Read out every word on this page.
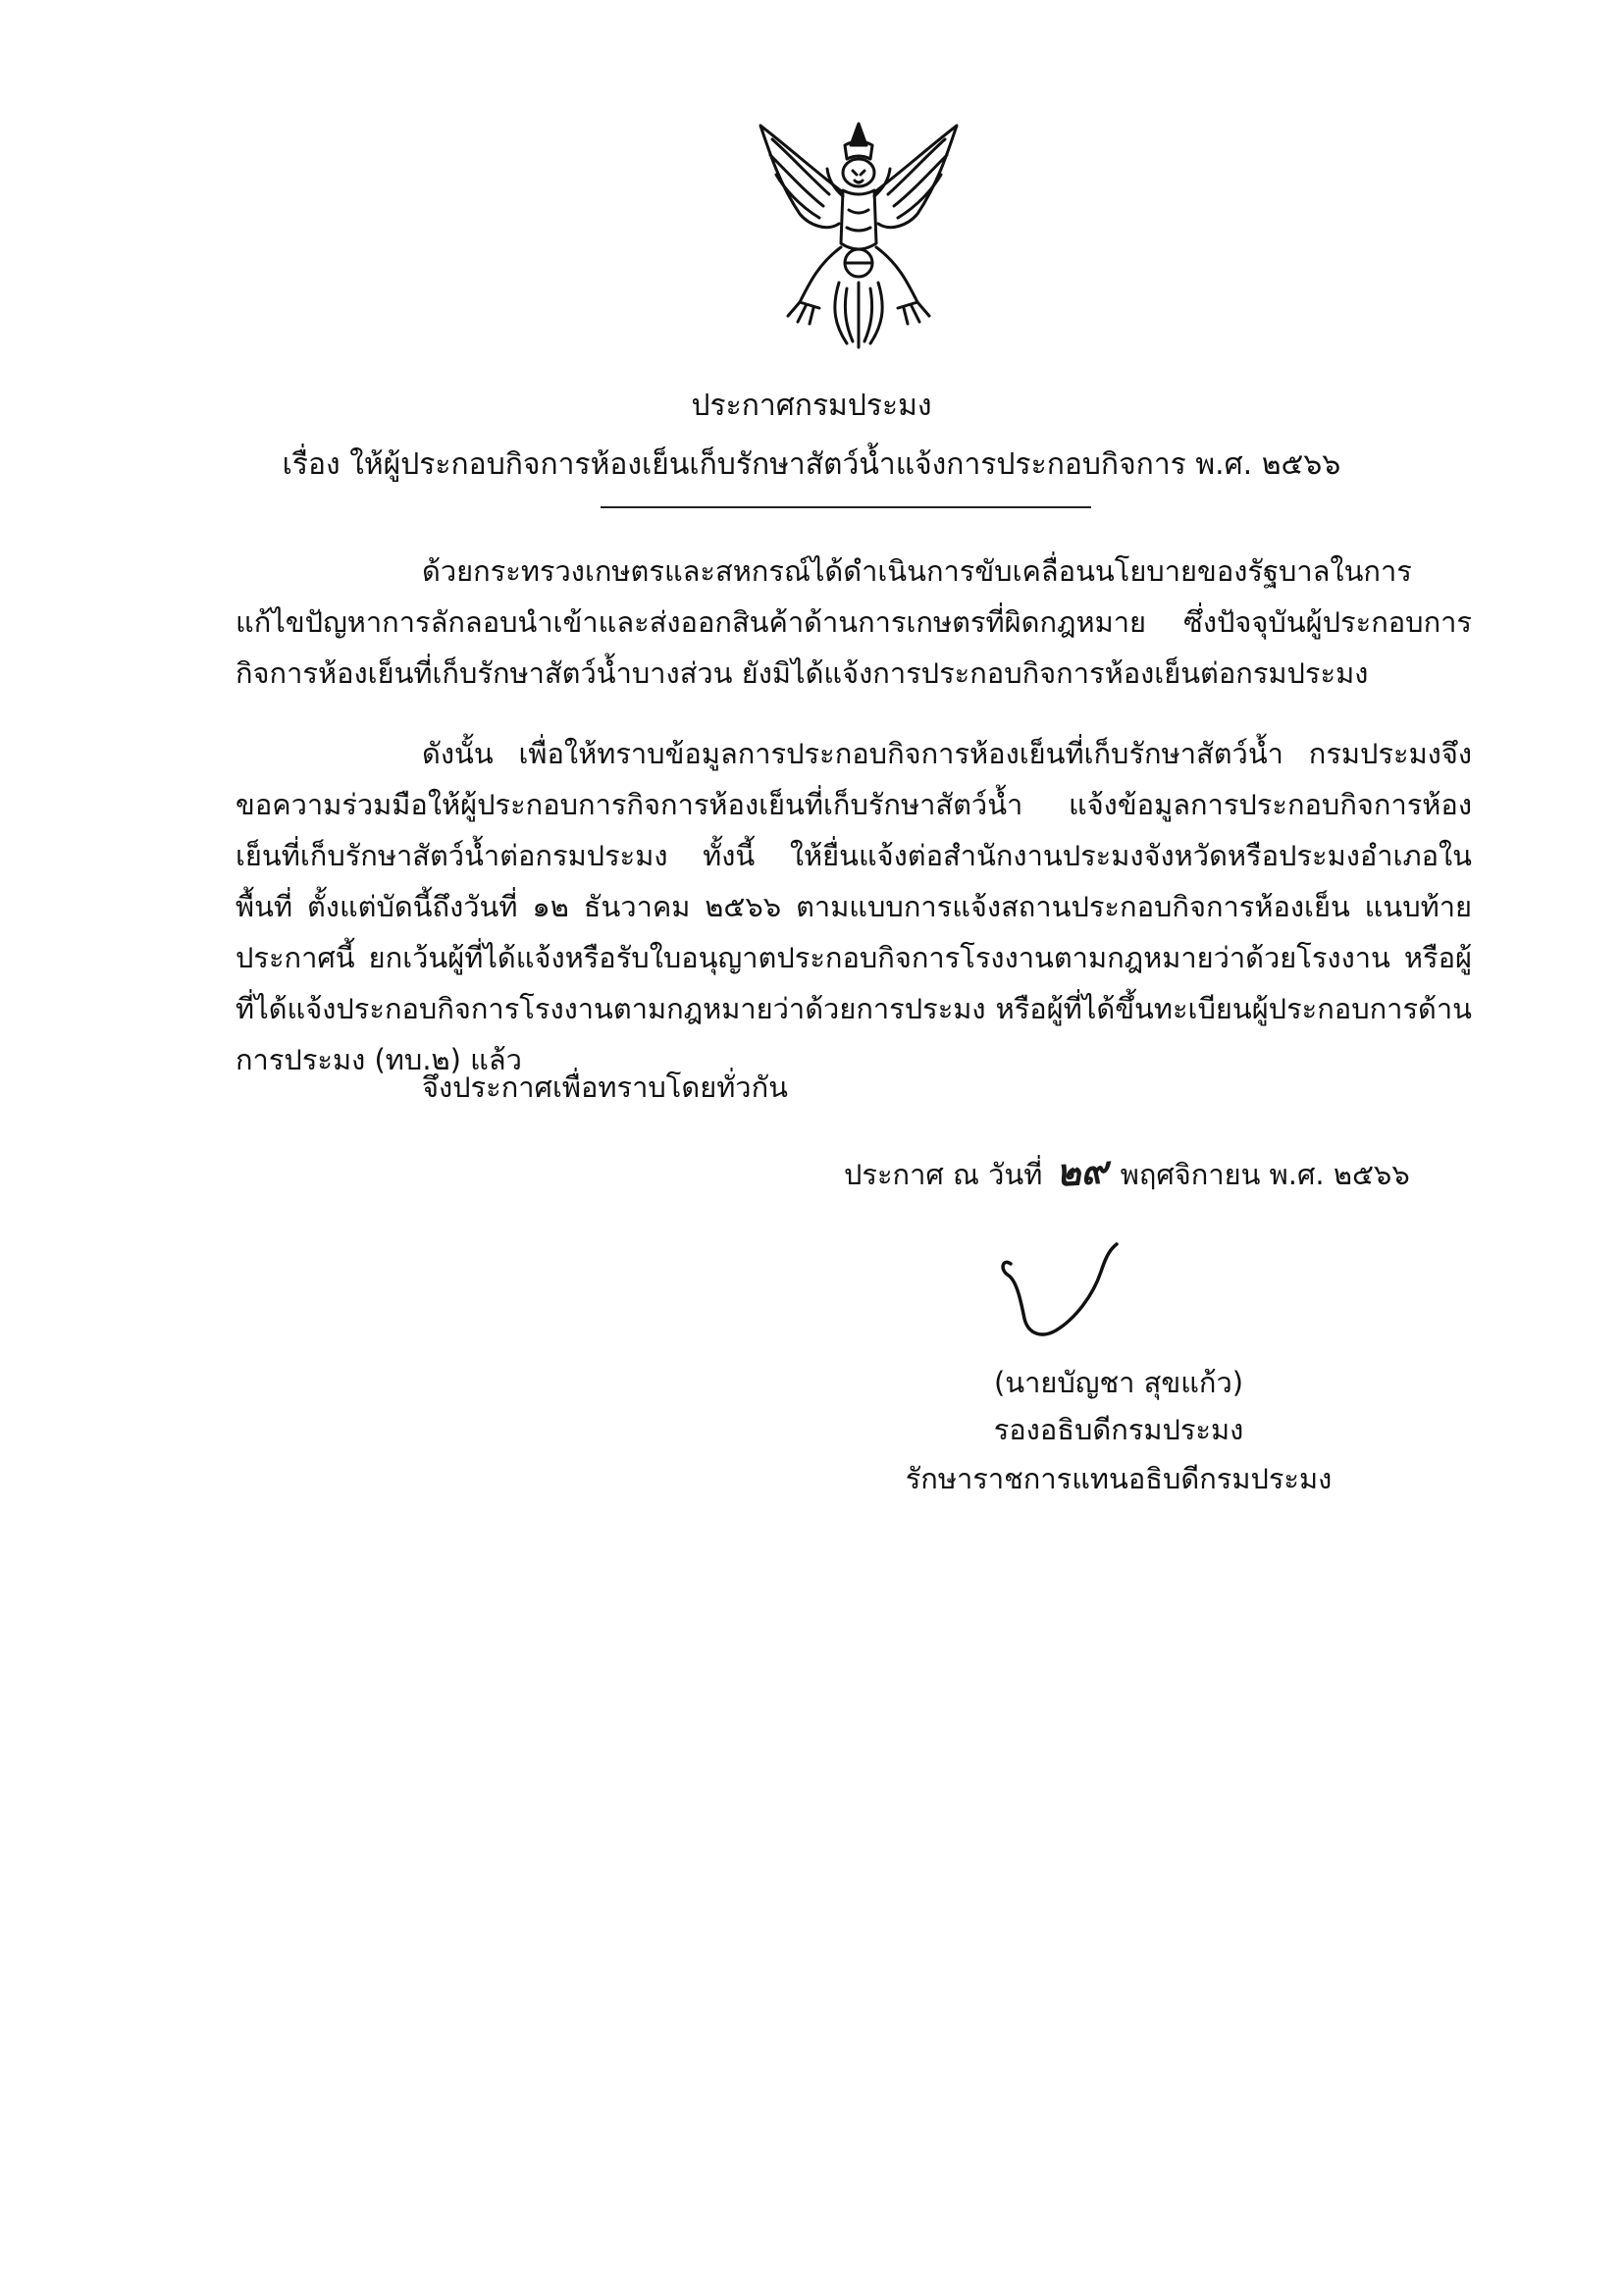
ประกาศกรมประมง
เรื่อง ให้ผู้ประกอบกิจการห้องเย็นเก็บรักษาสัตว์น้ำแจ้งการประกอบกิจการ พ.ศ. ๒๕๖๖
ด้วยกระทรวงเกษตรและสหกรณ์ได้ดำเนินการขับเคลื่อนนโยบายของรัฐบาลในการแก้ไขปัญหาการลักลอบนำเข้าและส่งออกสินค้าด้านการเกษตรที่ผิดกฎหมาย ซึ่งปัจจุบันผู้ประกอบการกิจการห้องเย็นที่เก็บรักษาสัตว์น้ำบางส่วน ยังมิได้แจ้งการประกอบกิจการห้องเย็นต่อกรมประมง
ดังนั้น เพื่อให้ทราบข้อมูลการประกอบกิจการห้องเย็นที่เก็บรักษาสัตว์น้ำ กรมประมงจึงขอความร่วมมือให้ผู้ประกอบการกิจการห้องเย็นที่เก็บรักษาสัตว์น้ำ แจ้งข้อมูลการประกอบกิจการห้องเย็นที่เก็บรักษาสัตว์น้ำต่อกรมประมง ทั้งนี้ ให้ยื่นแจ้งต่อสำนักงานประมงจังหวัดหรือประมงอำเภอในพื้นที่ ตั้งแต่บัดนี้ถึงวันที่ ๑๒ ธันวาคม ๒๕๖๖ ตามแบบการแจ้งสถานประกอบกิจการห้องเย็น แนบท้ายประกาศนี้ ยกเว้นผู้ที่ได้แจ้งหรือรับใบอนุญาตประกอบกิจการโรงงานตามกฎหมายว่าด้วยโรงงาน หรือผู้ที่ได้แจ้งประกอบกิจการโรงงานตามกฎหมายว่าด้วยการประมง หรือผู้ที่ได้ขึ้นทะเบียนผู้ประกอบการด้านการประมง (ทบ.๒) แล้ว
จึงประกาศเพื่อทราบโดยทั่วกัน
ประกาศ ณ วันที่ ๒๙ พฤศจิกายน พ.ศ. ๒๕๖๖
(นายบัญชา สุขแก้ว)
รองอธิบดีกรมประมง
รักษาราชการแทนอธิบดีกรมประมง
